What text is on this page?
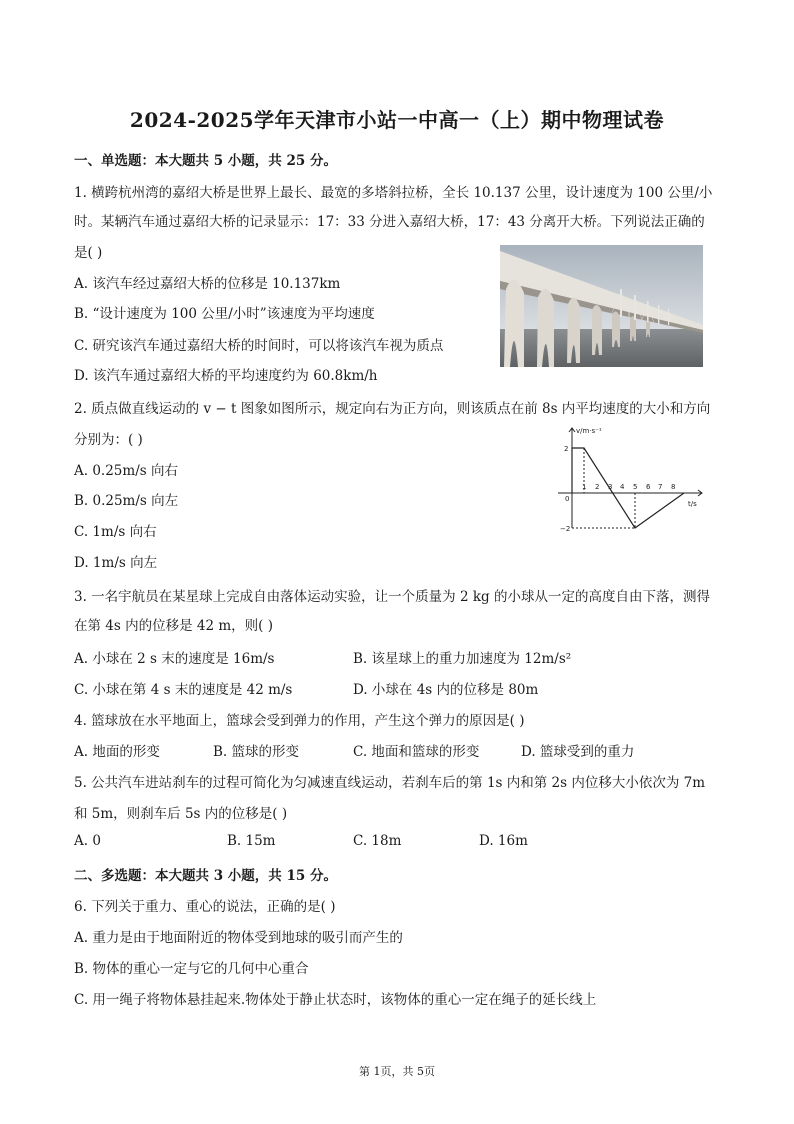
2024-2025学年天津市小站一中高一（上）期中物理试卷
一、单选题：本大题共 5 小题，共 25 分。
1. 横跨杭州湾的嘉绍大桥是世界上最长、最宽的多塔斜拉桥，全长 10.137 公里，设计速度为 100 公里/小
时。某辆汽车通过嘉绍大桥的记录显示：17：33 分进入嘉绍大桥，17：43 分离开大桥。下列说法正确的
是( )
A. 该汽车经过嘉绍大桥的位移是 10.137km
B. “设计速度为 100 公里/小时”该速度为平均速度
C. 研究该汽车通过嘉绍大桥的时间时，可以将该汽车视为质点
D. 该汽车通过嘉绍大桥的平均速度约为 60.8km/h
2. 质点做直线运动的 v − t 图象如图所示，规定向右为正方向，则该质点在前 8s 内平均速度的大小和方向
分别为：( )
A. 0.25m/s 向右
B. 0.25m/s 向左
C. 1m/s 向右
D. 1m/s 向左
v/m·s⁻¹
t/s
2
−2
0
1 2 3 4 5 6 7 8
3. 一名宇航员在某星球上完成自由落体运动实验，让一个质量为 2 kg 的小球从一定的高度自由下落，测得
在第 4s 内的位移是 42 m，则( )
A. 小球在 2 s 末的速度是 16m/s	B. 该星球上的重力加速度为 12m/s²
C. 小球在第 4 s 末的速度是 42 m/s	D. 小球在 4s 内的位移是 80m
4. 篮球放在水平地面上，篮球会受到弹力的作用，产生这个弹力的原因是( )
A. 地面的形变	B. 篮球的形变	C. 地面和篮球的形变	D. 篮球受到的重力
5. 公共汽车进站刹车的过程可简化为匀减速直线运动，若刹车后的第 1s 内和第 2s 内位移大小依次为 7m
和 5m，则刹车后 5s 内的位移是( )
A. 0	B. 15m	C. 18m	D. 16m
二、多选题：本大题共 3 小题，共 15 分。
6. 下列关于重力、重心的说法，正确的是( )
A. 重力是由于地面附近的物体受到地球的吸引而产生的
B. 物体的重心一定与它的几何中心重合
C. 用一绳子将物体悬挂起来.物体处于静止状态时，该物体的重心一定在绳子的延长线上
第 1页，共 5页
